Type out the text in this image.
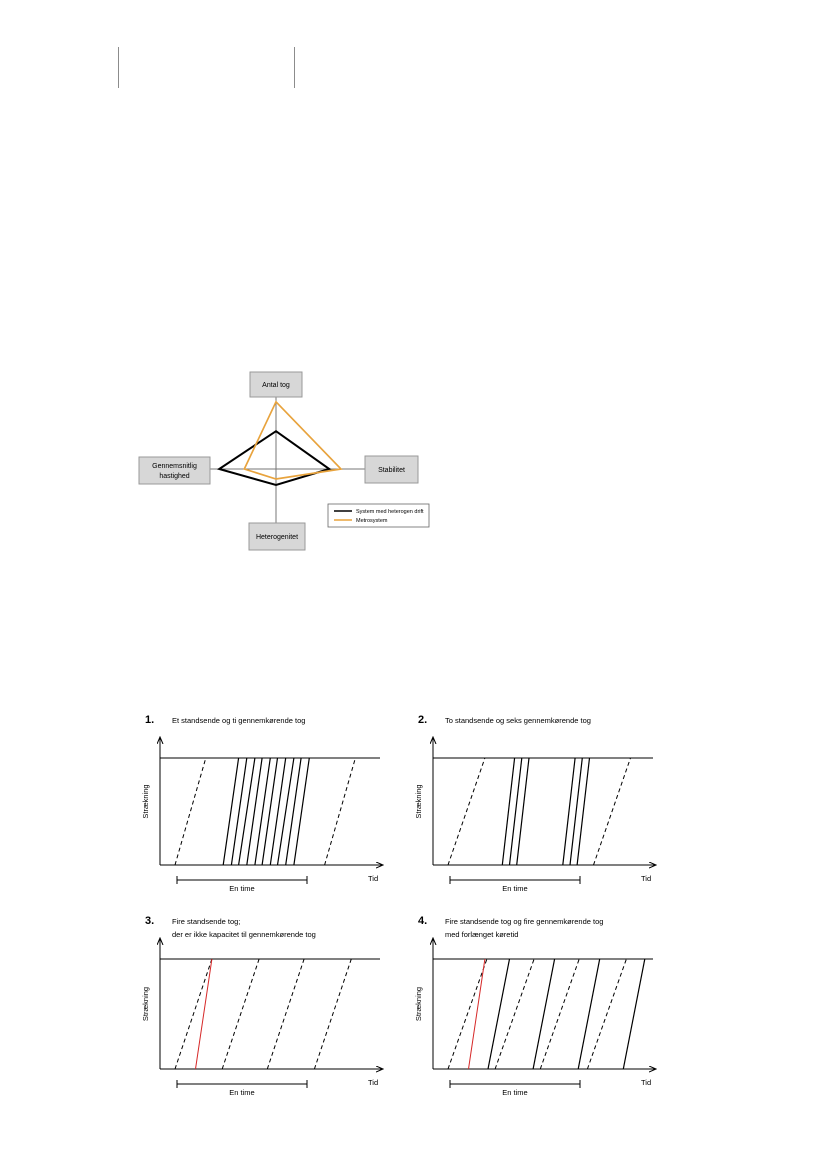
Antal tog
Stabilitet
Heterogenitet
Gennemsnitlig
hastighed
System med heterogen drift
Metrosystem
1. Et standsende og ti gennemkørende tog
Strækning
Tid
En time
2. To standsende og seks gennemkørende tog
Strækning
Tid
En time
3. Fire standsende tog;
der er ikke kapacitet til gennemkørende tog
Strækning
Tid
En time
4. Fire standsende tog og fire gennemkørende tog
med forlænget køretid
Strækning
Tid
En time
